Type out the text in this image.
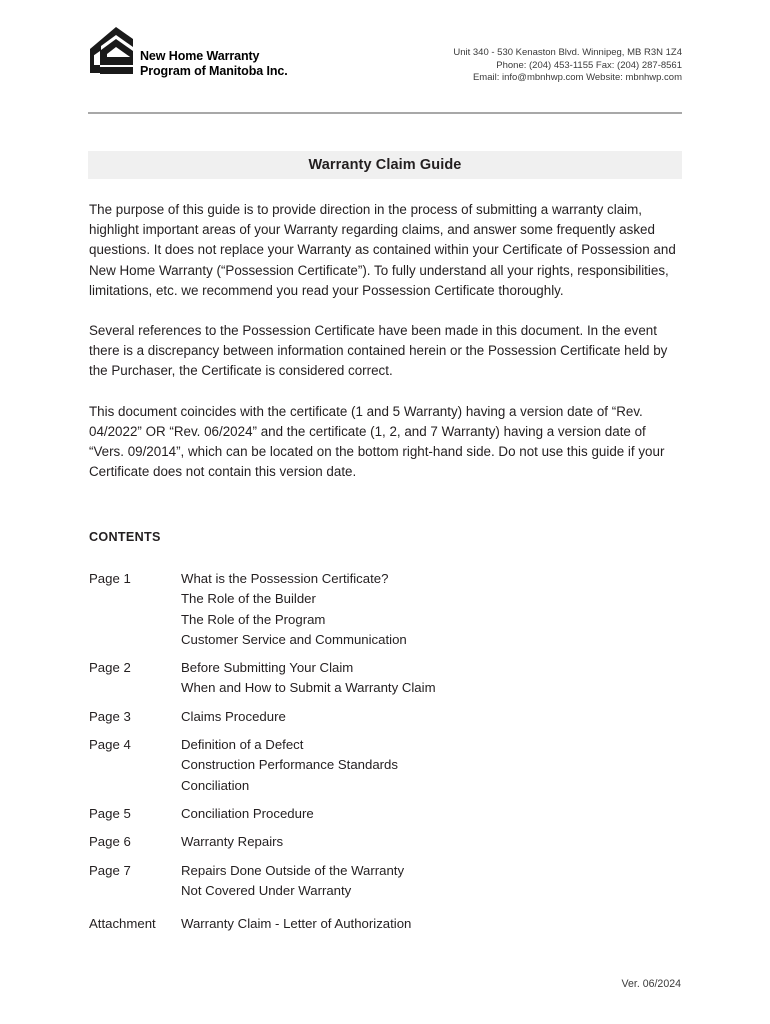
New Home Warranty
Program of Manitoba Inc.
Unit 340 - 530 Kenaston Blvd. Winnipeg, MB R3N 1Z4
Phone: (204) 453-1155 Fax: (204) 287-8561
Email: info@mbnhwp.com Website: mbnhwp.com
Warranty Claim Guide

The purpose of this guide is to provide direction in the process of submitting a warranty claim, highlight important areas of your Warranty regarding claims, and answer some frequently asked questions. It does not replace your Warranty as contained within your Certificate of Possession and New Home Warranty (“Possession Certificate”). To fully understand all your rights, responsibilities, limitations, etc. we recommend you read your Possession Certificate thoroughly.

Several references to the Possession Certificate have been made in this document. In the event there is a discrepancy between information contained herein or the Possession Certificate held by the Purchaser, the Certificate is considered correct.

This document coincides with the certificate (1 and 5 Warranty) having a version date of “Rev. 04/2022” OR “Rev. 06/2024” and the certificate (1, 2, and 7 Warranty) having a version date of “Vers. 09/2014”, which can be located on the bottom right-hand side. Do not use this guide if your Certificate does not contain this version date.

CONTENTS
Page 1	What is the Possession Certificate?
The Role of the Builder
The Role of the Program
Customer Service and Communication
Page 2	Before Submitting Your Claim
When and How to Submit a Warranty Claim
Page 3	Claims Procedure
Page 4	Definition of a Defect
Construction Performance Standards
Conciliation
Page 5	Conciliation Procedure
Page 6	Warranty Repairs
Page 7	Repairs Done Outside of the Warranty
Not Covered Under Warranty
Attachment	Warranty Claim - Letter of Authorization
Ver. 06/2024
